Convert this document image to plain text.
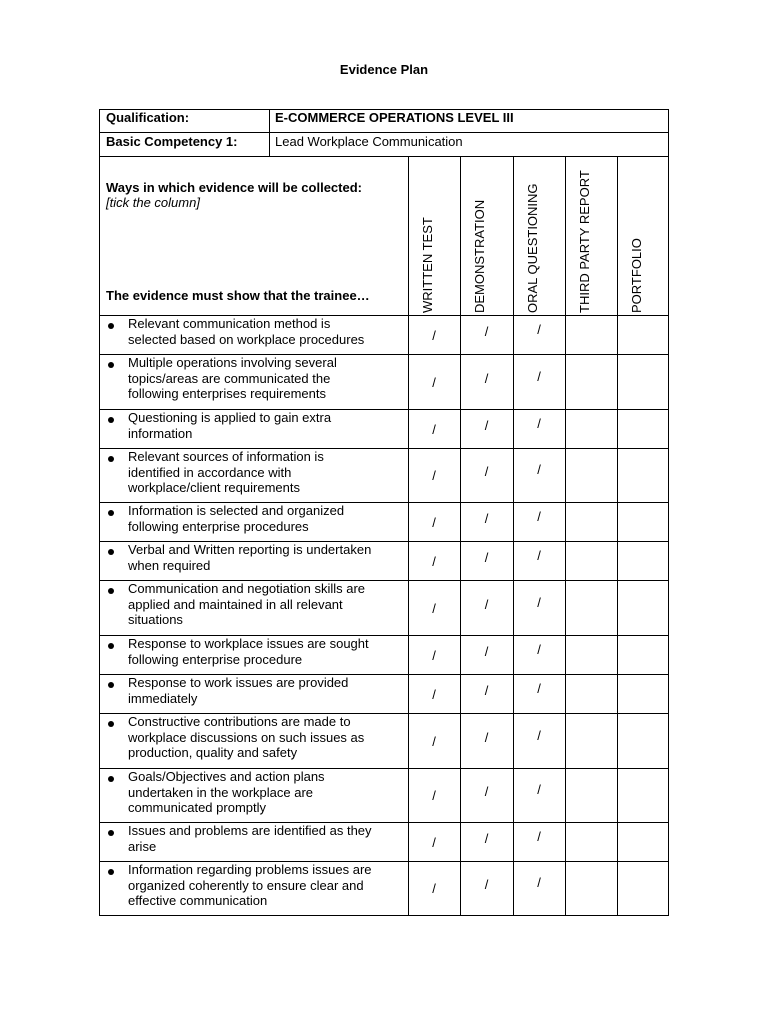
Evidence Plan
Qualification:	E-COMMERCE OPERATIONS LEVEL III
Basic Competency 1:	Lead Workplace Communication
Ways in which evidence will be collected:
[tick the column]
The evidence must show that the trainee…	WRITTEN TEST	DEMONSTRATION	ORAL QUESTIONING	THIRD PARTY REPORT	PORTFOLIO
Relevant communication method is
selected based on workplace procedures	/	/	/
Multiple operations involving several
topics/areas are communicated the
following enterprises requirements
/	/	/
Questioning is applied to gain extra
information	/	/	/
Relevant sources of information is
identified in accordance with
workplace/client requirements
/	/	/
Information is selected and organized
following enterprise procedures	/	/	/
Verbal and Written reporting is undertaken
when required	/	/	/
Communication and negotiation skills are
applied and maintained in all relevant
situations
/	/	/
Response to workplace issues are sought
following enterprise procedure	/	/	/
Response to work issues are provided
immediately	/	/	/
Constructive contributions are made to
workplace discussions on such issues as
production, quality and safety
/	/	/
Goals/Objectives and action plans
undertaken in the workplace are
communicated promptly
/	/	/
Issues and problems are identified as they
arise	/	/	/
Information regarding problems issues are
organized coherently to ensure clear and
effective communication
/	/	/
